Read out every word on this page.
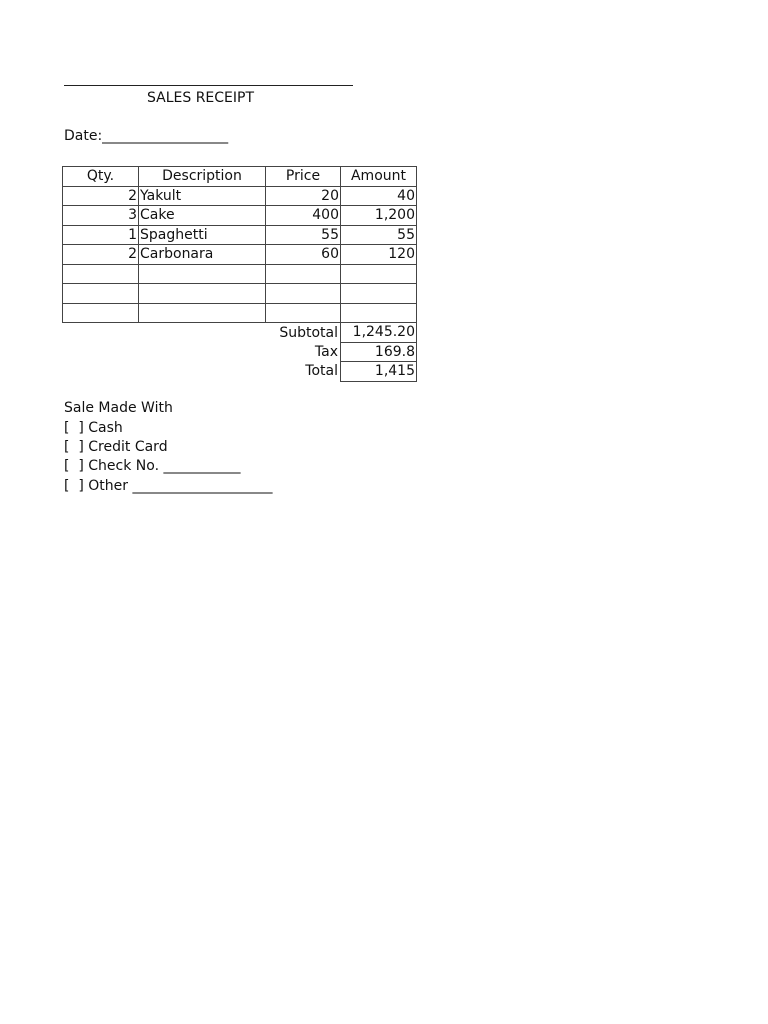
SALES RECEIPT
Date:__________________
Qty.	Description	Price	Amount
2	Yakult	20	40
3	Cake	400	1,200
1	Spaghetti	55	55
2	Carbonara	60	120

		Subtotal	1,245.20
		Tax	169.8
		Total	1,415
Sale Made With
[  ] Cash
[  ] Credit Card
[  ] Check No. ___________
[  ] Other ____________________
